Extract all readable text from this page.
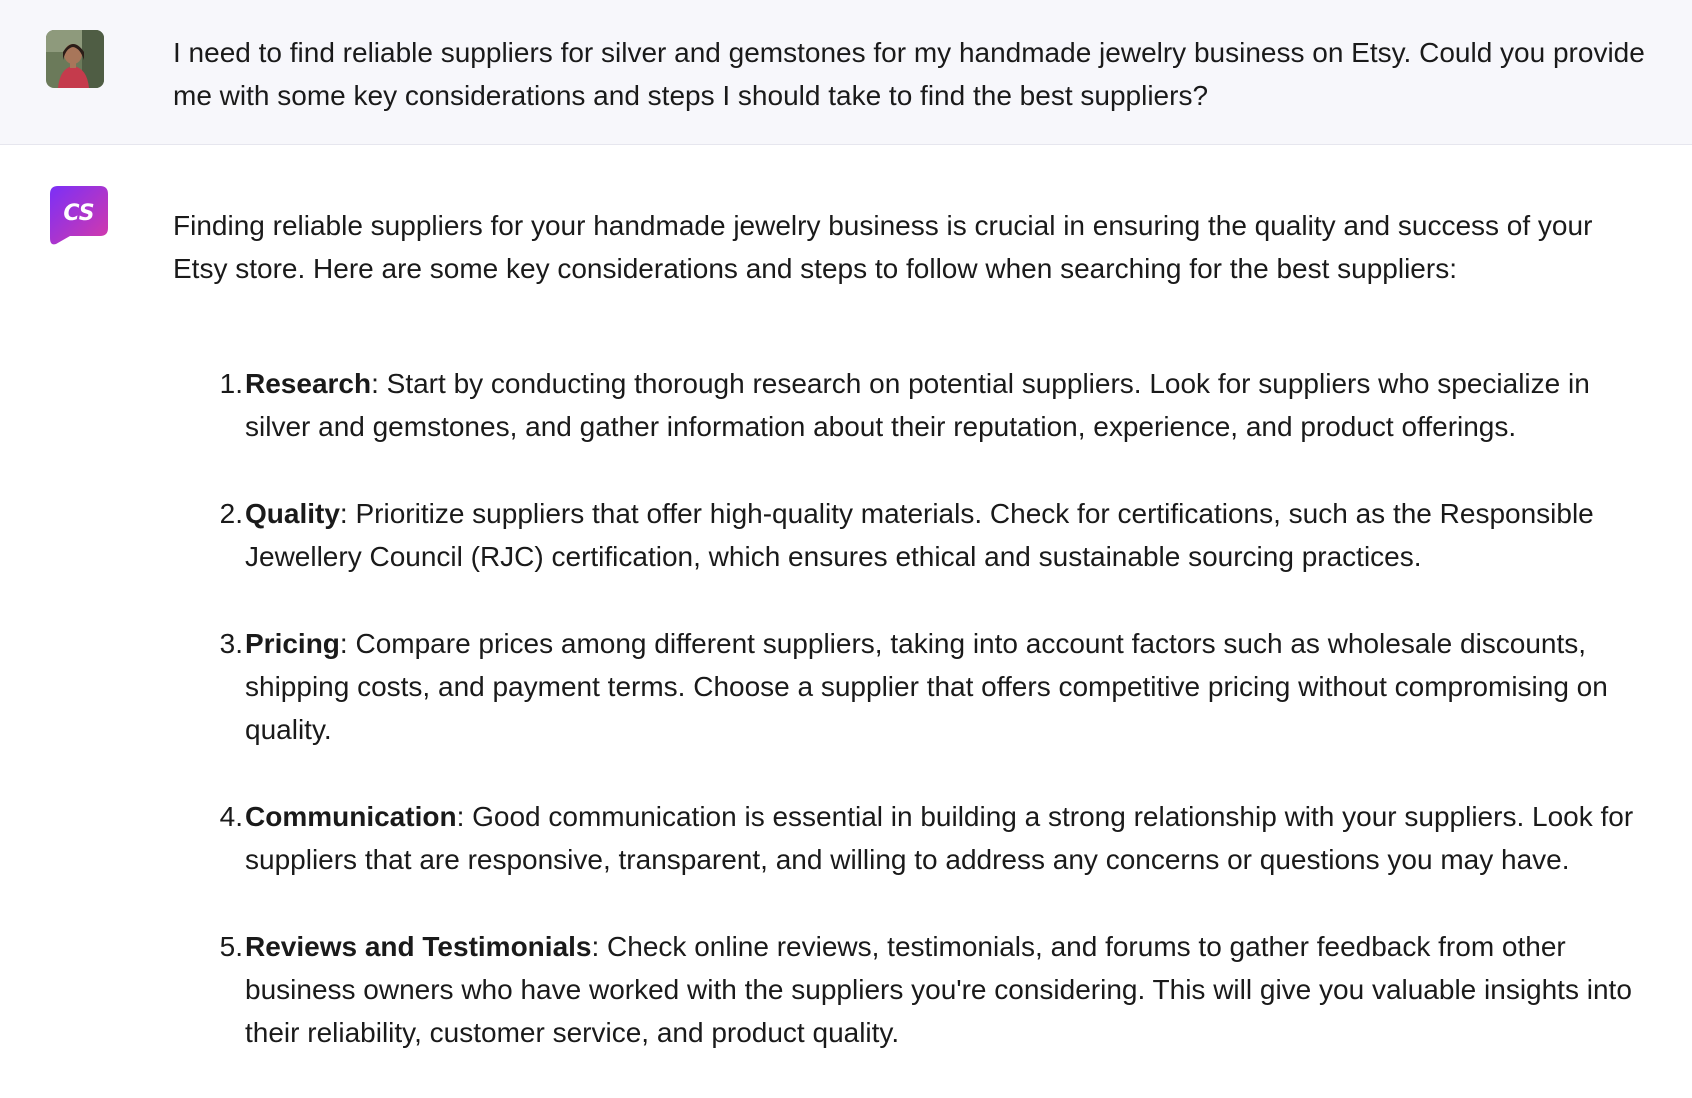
I need to find reliable suppliers for silver and gemstones for my handmade jewelry business on Etsy. Could you provide me with some key considerations and steps I should take to find the best suppliers?
CS	Finding reliable suppliers for your handmade jewelry business is crucial in ensuring the quality and success of your Etsy store. Here are some key considerations and steps to follow when searching for the best suppliers:
1. Research: Start by conducting thorough research on potential suppliers. Look for suppliers who specialize in silver and gemstones, and gather information about their reputation, experience, and product offerings.
2. Quality: Prioritize suppliers that offer high-quality materials. Check for certifications, such as the Responsible Jewellery Council (RJC) certification, which ensures ethical and sustainable sourcing practices.
3. Pricing: Compare prices among different suppliers, taking into account factors such as wholesale discounts, shipping costs, and payment terms. Choose a supplier that offers competitive pricing without compromising on quality.
4. Communication: Good communication is essential in building a strong relationship with your suppliers. Look for suppliers that are responsive, transparent, and willing to address any concerns or questions you may have.
5. Reviews and Testimonials: Check online reviews, testimonials, and forums to gather feedback from other business owners who have worked with the suppliers you're considering. This will give you valuable insights into their reliability, customer service, and product quality.
